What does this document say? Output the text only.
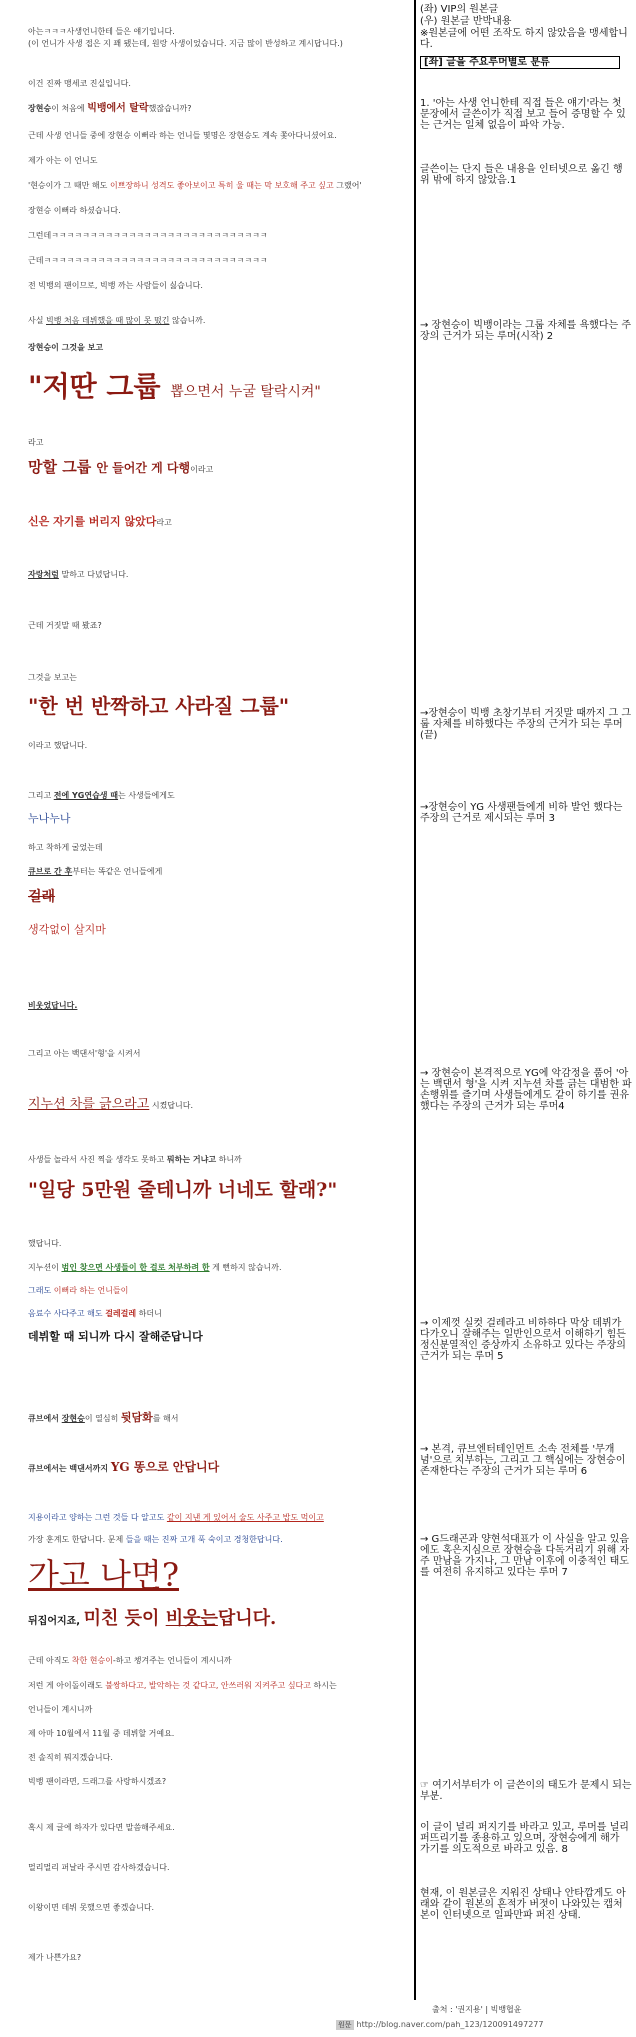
아는ㅋㅋㅋ사생언니한테 들은 얘기입니다.
(이 언니가 사생 접은 지 꽤 됐는데, 원랑 사생이었습니다. 지금 많이 반성하고 계시답니다.)
이건 진짜 맹세코 진실입니다.
장현승이 처음에 빅뱅에서 탈락했잖습니까?
근데 사생 언니들 중에 장현승 이뻐라 하는 언니들 몇명은 장현승도 계속 쫓아다니셨어요.
제가 아는 이 언니도
'현승이가 그 때만 해도 이쁘장하니 성격도 좋아보이고 특히 울 때는 막 보호해 주고 싶고 그랬어'
장현승 이뻐라 하셨습니다.
그런데ㅋㅋㅋㅋㅋㅋㅋㅋㅋㅋㅋㅋㅋㅋㅋㅋㅋㅋㅋㅋㅋㅋㅋㅋㅋㅋㅋㅋ
근데ㅋㅋㅋㅋㅋㅋㅋㅋㅋㅋㅋㅋㅋㅋㅋㅋㅋㅋㅋㅋㅋㅋㅋㅋㅋㅋㅋㅋㅋ
전 빅뱅의 팬이므로, 빅뱅 까는 사람들이 싫습니다.
사실 빅뱅 처음 데뷔했을 때 많이 못 떴긴 않습니까.
장현승이 그것을 보고
"저딴 그룹 뽑으면서 누굴 탈락시켜"
라고
망할 그룹 안 들어간 게 다행이라고
신은 자기를 버리지 않았다라고
자랑처럼 말하고 다녔답니다.
근데 거짓말 때 봤죠?
그것을 보고는
"한 번 반짝하고 사라질 그룹"
이라고 했답니다.
그리고 전에 YG연습생 때는 사생들에게도
누나누나
하고 착하게 굴었는데
큐브로 간 후부터는 똑같은 언니들에게
걸래
생각없이 살지마
비웃었답니다.
그리고 아는 백댄서'형'을 시켜서
지누션 차를 긁으라고 시켰답니다.
사생들 놀라서 사진 찍을 생각도 못하고 뭐하는 거냐고 하니까
"일당 5만원 줄테니까 너네도 할래?"
했답니다.
지누션이 범인 찾으면 사생들이 한 걸로 처부하려 한 게 뻔하지 않습니까.
그래도 이뻐라 하는 언니들이
음료수 사다주고 해도 걸레걸레 하더니
데뷔할 때 되니까 다시 잘해준답니다
큐브에서 장현승이 열심히 뒷담화를 해서
큐브에서는 백댄서까지 YG 똥으로 안답니다
지용이라고 양하는 그런 것들 다 알고도 같이 지낸 게 있어서 술도 사주고 밥도 먹이고
가장 훈계도 한답니다. 문제 들을 때는 진짜 고개 푹 숙이고 경청한답니다.
가고 나면?
뒤집어지죠, 미친 듯이 비웃는답니다.
근데 아직도 착한 현승이-하고 챙겨주는 언니들이 계시니까
저런 게 아이돌이래도 불쌍하다고, 발악하는 것 같다고, 안쓰러워 지켜주고 싶다고 하시는
언니들이 계시니까
제 아마 10월에서 11월 중 데뷔할 거예요.
전 솔직히 뭐지겠습니다.
빅뱅 팬이라면, 드래그를 사랑하시겠죠?
혹시 제 글에 하자가 있다면 말씀해주세요.
멀리멀리 퍼날라 주시면 감사하겠습니다.
이왕이면 데뷔 못했으면 좋겠습니다.
제가 나쁜가요?
(좌) VIP의 원본글
(우) 원본글 반박내용
※원본글에 어떤 조작도 하지 않았음을 맹세합니다.
[좌] 글을 주요루머별로 분류
1. '아는 사생 언니한테 직접 들은 얘기'라는 첫 문장에서 글쓴이가 직접 보고 들어 증명할 수 있는 근거는 일체 없음이 파악 가능.
글쓴이는 단지 들은 내용을 인터넷으로 옮긴 행위 밖에 하지 않았음.1
→ 장현승이 빅뱅이라는 그룹 자체를 욕했다는 주장의 근거가 되는 루머(시작) 2
→장현승이 빅뱅 초창기부터 거짓말 때까지 그 그룹 자체를 비하했다는 주장의 근거가 되는 루머(끝)
→장현승이 YG 사생팬들에게 비하 발언 했다는 주장의 근거로 제시되는 루머 3
→ 장현승이 본격적으로 YG에 악감정을 품어 '아는 백댄서 형'을 시켜 지누션 차를 긁는 대범한 파손행위를 즐기며 사생들에게도 같이 하기를 권유했다는 주장의 근거가 되는 루머4
→ 이제껏 실컷 걸레라고 비하하다 막상 데뷔가 다가오니 잘해주는 일반인으로서 이해하기 힘든 정신분열적인 증상까지 소유하고 있다는 주장의 근거가 되는 루머 5
→ 본격, 큐브엔터테인먼트 소속 전체를 '무개념'으로 치부하는, 그리고 그 핵심에는 장현승이 존재한다는 주장의 근거가 되는 루머 6
→ G드래곤과 양현석대표가 이 사실을 알고 있음에도 혹은지심으로 장현승을 다독거리기 위해 자주 만남을 가지나, 그 만남 이후에 이중적인 태도를 여전히 유지하고 있다는 루머 7
☞ 여기서부터가 이 글쓴이의 태도가 문제시 되는 부분.
이 글이 널리 퍼지기를 바라고 있고, 루머를 널리 퍼뜨리기를 종용하고 있으며, 장현승에게 해가 가기를 의도적으로 바라고 있음. 8
현재, 이 원본글은 지워진 상태나 안타깝게도 아래와 같이 원본의 흔적가 버젓이 나와있는 캡처본이 인터넷으로 일파만파 퍼진 상태.
출처 : '권지용' | 빅뱅협윤
원문 http://blog.naver.com/pah_123/120091497277
